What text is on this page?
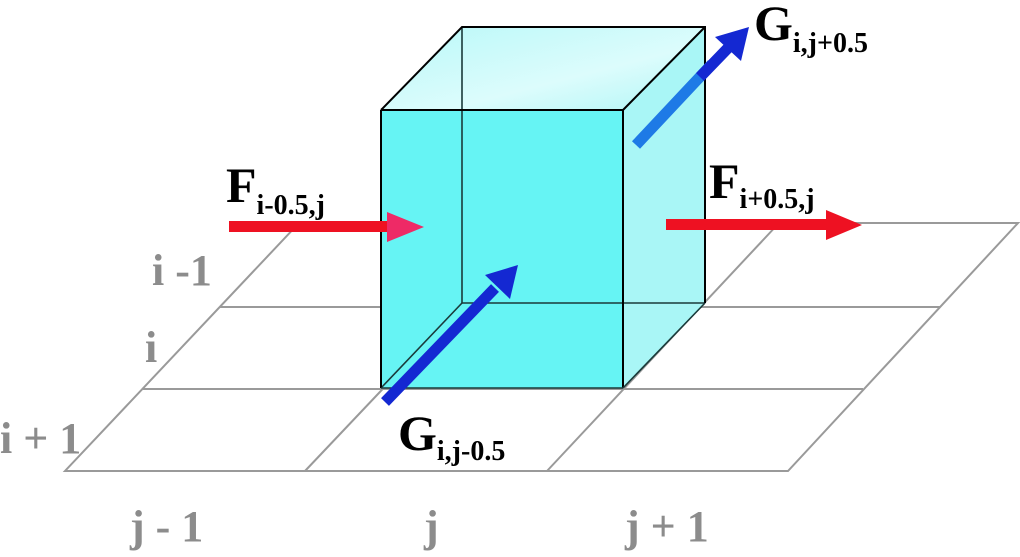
Fi-0.5,j	Fi+0.5,j
Gi,j+0.5
Gi,j-0.5
i -1
i
i + 1
j - 1	j	j + 1
